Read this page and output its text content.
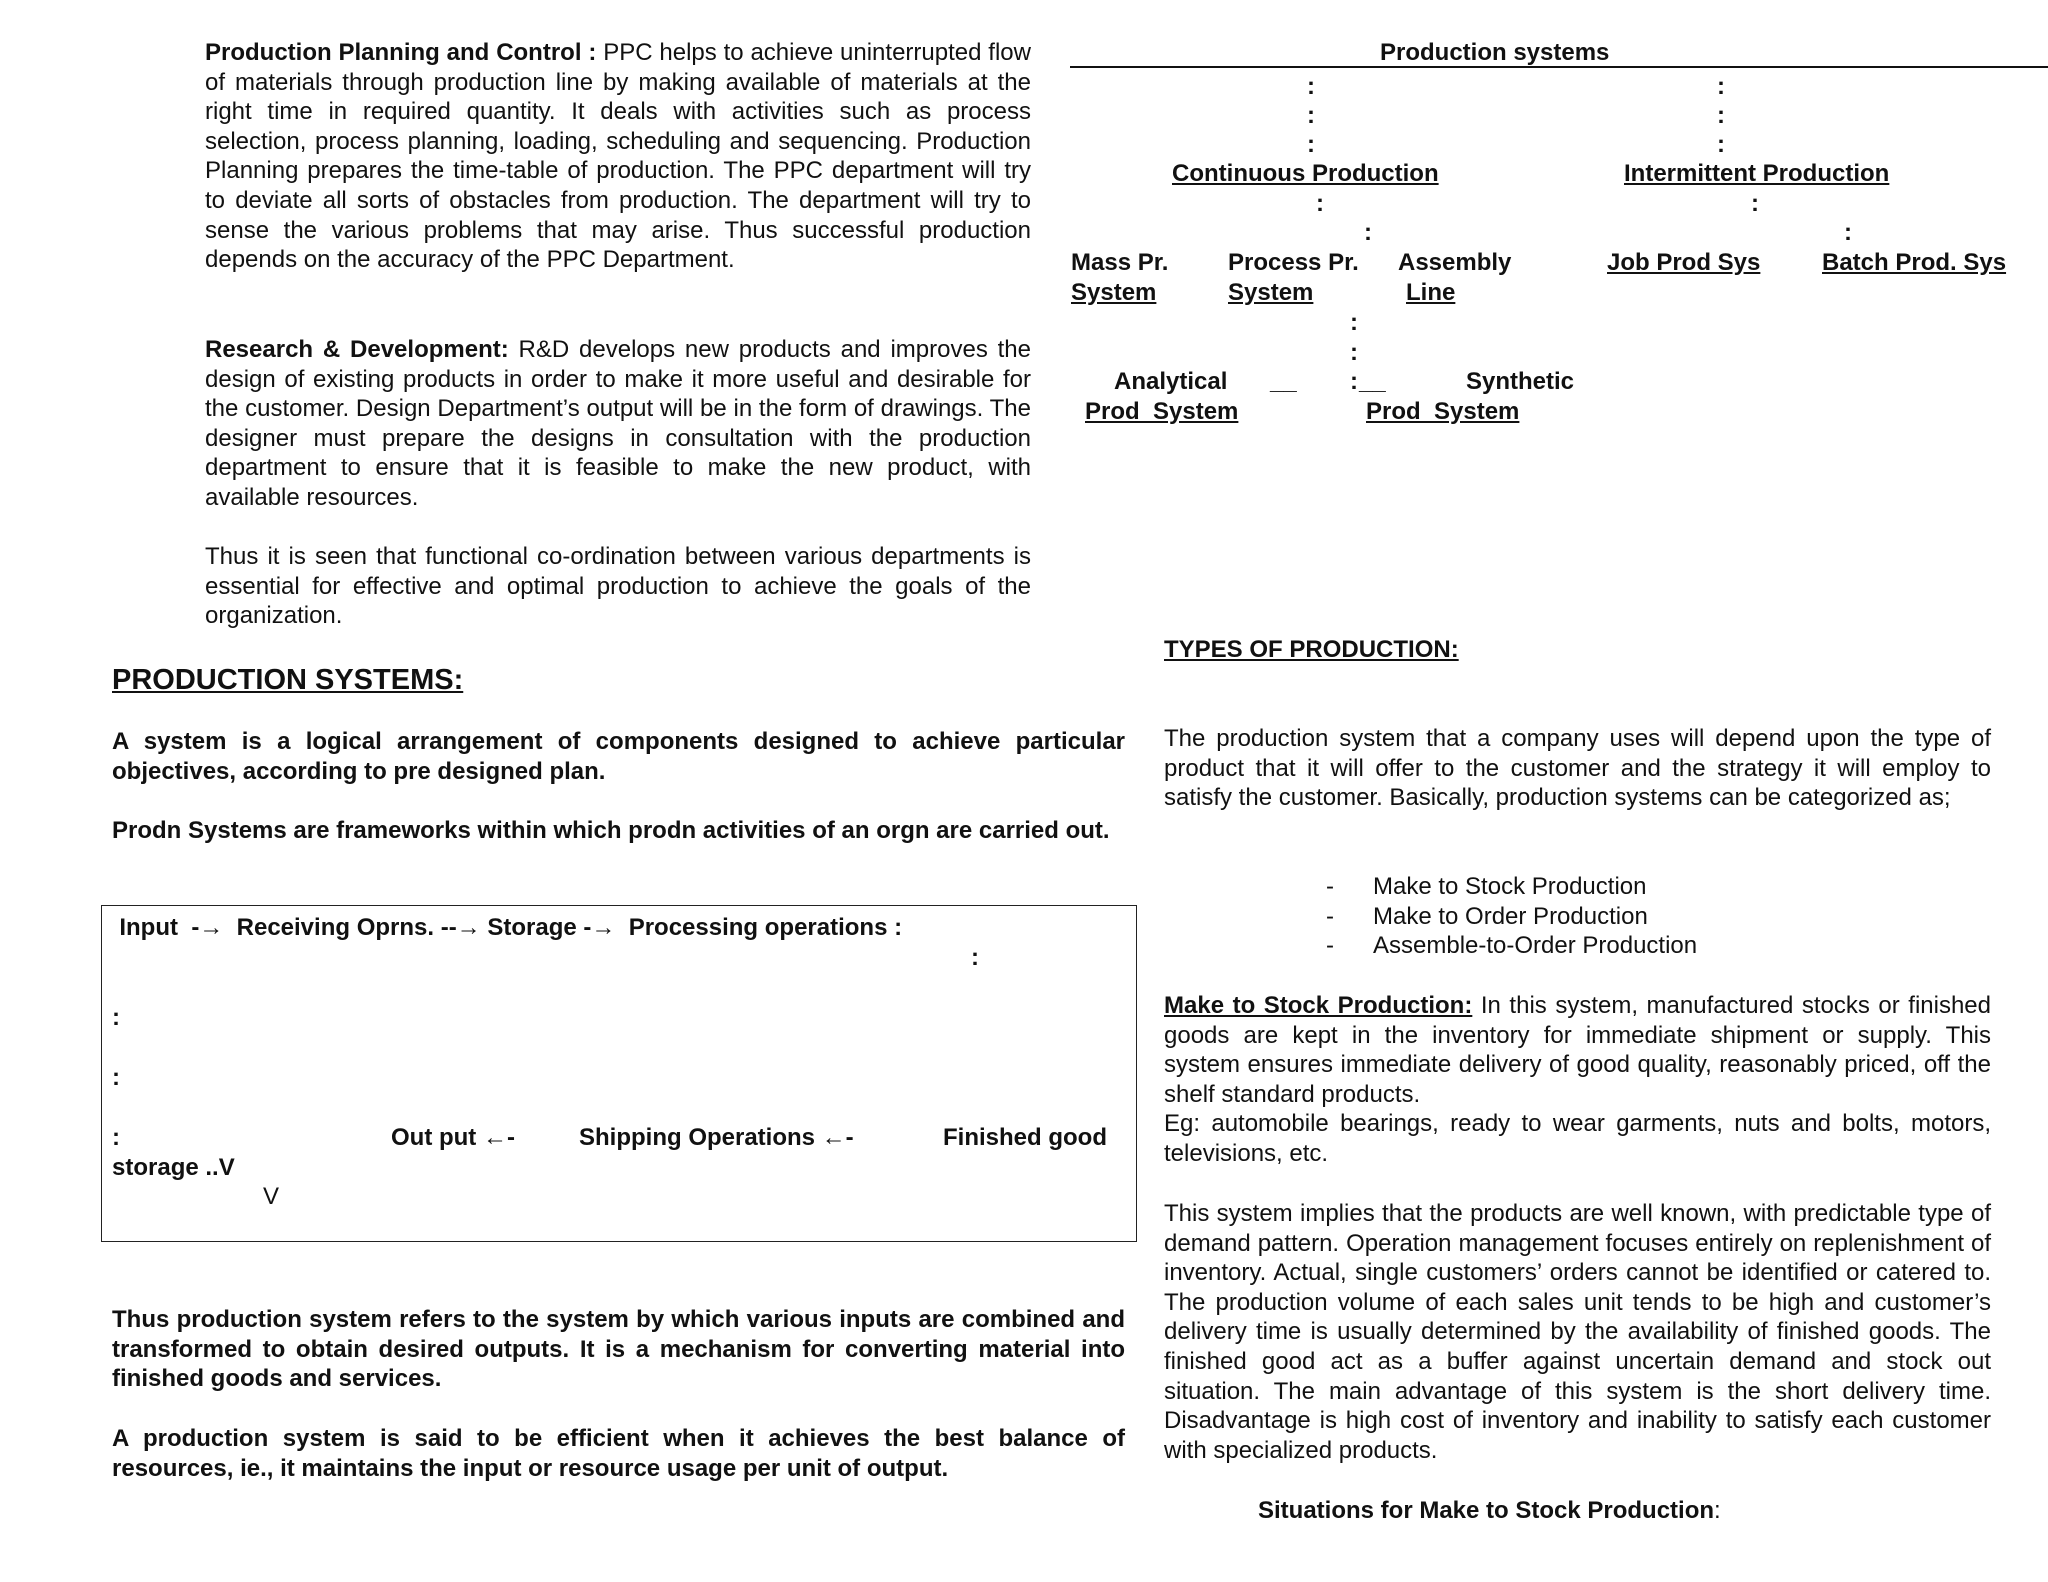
Production Planning and Control : PPC helps to achieve uninterrupted flow of materials through production line by making available of materials at the right time in required quantity. It deals with activities such as process selection, process planning, loading, scheduling and sequencing. Production Planning prepares the time-table of production. The PPC department will try to deviate all sorts of obstacles from production. The department will try to sense the various problems that may arise. Thus successful production depends on the accuracy of the PPC Department.

Research & Development: R&D develops new products and improves the design of existing products in order to make it more useful and desirable for the customer. Design Department’s output will be in the form of drawings. The designer must prepare the designs in consultation with the production department to ensure that it is feasible to make the new product, with available resources.

Thus it is seen that functional co-ordination between various departments is essential for effective and optimal production to achieve the goals of the organization.

PRODUCTION SYSTEMS:
A system is a logical arrangement of components designed to achieve particular objectives, according to pre designed plan.
Prodn Systems are frameworks within which prodn activities of an orgn are carried out.
Input  -→  Receiving Oprns. --→ Storage -→  Processing operations :
:
:
:
:	Out put ←-	Shipping Operations ←-	Finished good
storage ..V
V
Thus production system refers to the system by which various inputs are combined and transformed to obtain desired outputs. It is a mechanism for converting material into finished goods and services.
A production system is said to be efficient when it achieves the best balance of resources, ie., it maintains the input or resource usage per unit of output.
Production systems
:
:
:
:
:
:
Continuous Production	Intermittent Production
:	:
:	:
Mass Pr.
System
Process Pr.
System
Assembly
Line
Job Prod Sys	Batch Prod. Sys
:
:
Analytical
Prod  System
__ : __	Synthetic
Prod  System
TYPES OF PRODUCTION:
The production system that a company uses will depend upon the type of product that it will offer to the customer and the strategy it will employ to satisfy the customer. Basically, production systems can be categorized as;
- Make to Stock Production
- Make to Order Production
- Assemble-to-Order Production

Make to Stock Production: In this system, manufactured stocks or finished goods are kept in the inventory for immediate shipment or supply. This system ensures immediate delivery of good quality, reasonably priced, off the shelf standard products.

Eg: automobile bearings, ready to wear garments, nuts and bolts, motors, televisions, etc.

This system implies that the products are well known, with predictable type of demand pattern. Operation management focuses entirely on replenishment of inventory. Actual, single customers’ orders cannot be identified or catered to. The production volume of each sales unit tends to be high and customer’s delivery time is usually determined by the availability of finished goods. The finished good act as a buffer against uncertain demand and stock out situation. The main advantage of this system is the short delivery time. Disadvantage is high cost of inventory and inability to satisfy each customer with specialized products.
Situations for Make to Stock Production:
